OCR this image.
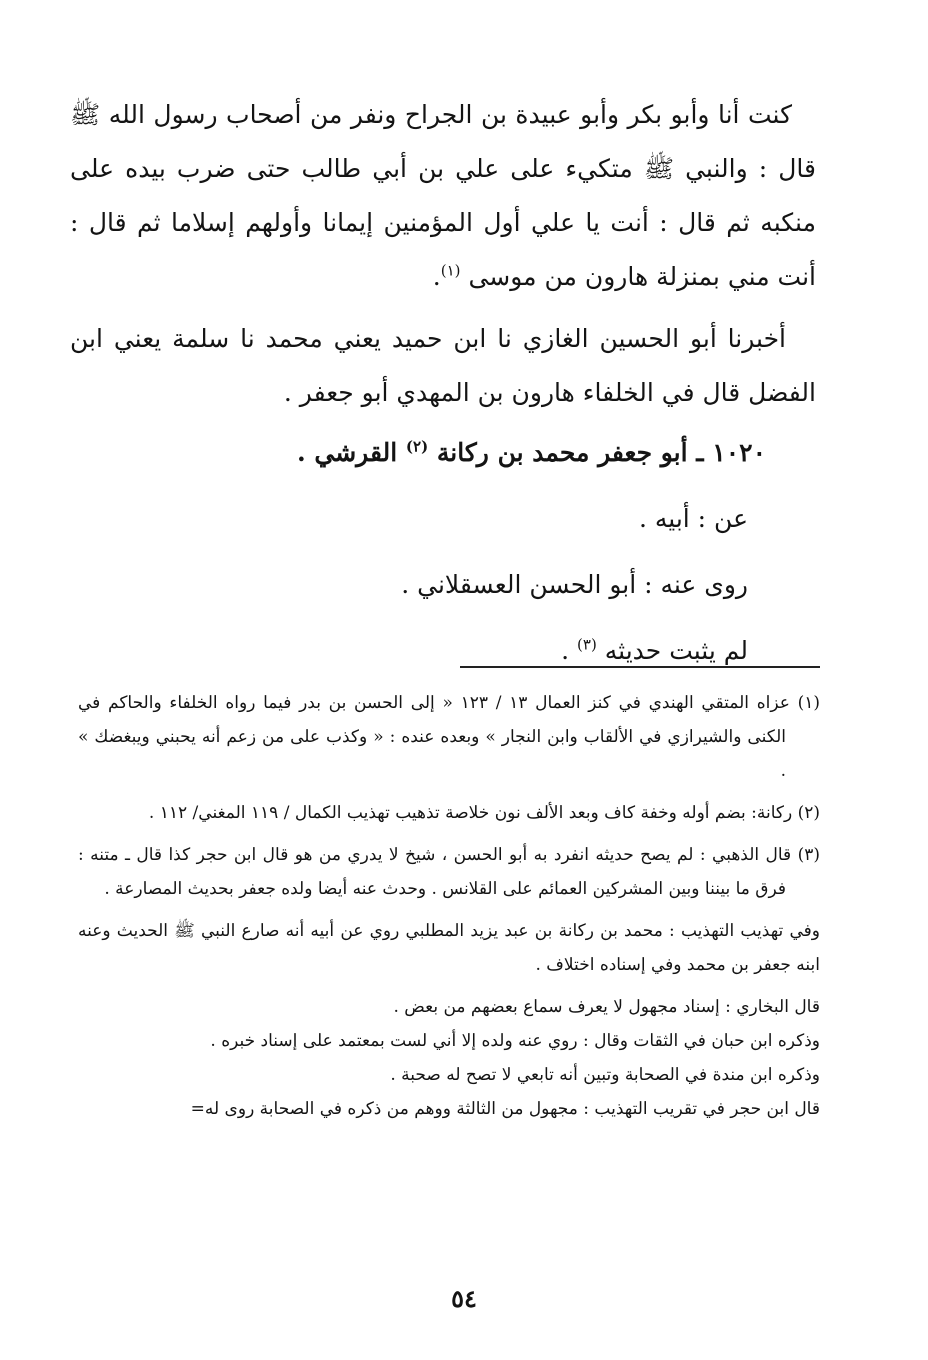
كنت أنا وأبو بكر وأبو عبيدة بن الجراح ونفر من أصحاب رسول الله ﷺ قال : والنبي ﷺ متكيء على علي بن أبي طالب حتى ضرب بيده على منكبه ثم قال : أنت يا علي أول المؤمنين إيمانا وأولهم إسلاما ثم قال : أنت مني بمنزلة هارون من موسى $^{(١)}$.

أخبرنا أبو الحسين الغازي نا ابن حميد يعني محمد نا سلمة يعني ابن الفضل قال في الخلفاء هارون بن المهدي أبو جعفر .

١٠٢٠ ـ أبو جعفر محمد بن ركانة $^{(٢)}$ القرشي .

عن : أبيه .

روى عنه : أبو الحسن العسقلاني .

لم يثبت حديثه $^{(٣)}$ .

(١) عزاه المتقي الهندي في كنز العمال ١٣ / ١٢٣ « إلى الحسن بن بدر فيما رواه الخلفاء والحاكم في الكنى والشيرازي في الألقاب وابن النجار » وبعده عنده : « وكذب على من زعم أنه يحبني ويبغضك » .

(٢) ركانة: بضم أوله وخفة كاف وبعد الألف نون خلاصة تذهيب تهذيب الكمال / ١١٩ المغني/ ١١٢ .

(٣) قال الذهبي : لم يصح حديثه انفرد به أبو الحسن ، شيخ لا يدري من هو قال ابن حجر كذا قال ـ متنه : فرق ما بيننا وبين المشركين العمائم على القلانس . وحدث عنه أيضا ولده جعفر بحديث المصارعة .

وفي تهذيب التهذيب : محمد بن ركانة بن عبد يزيد المطلبي روي عن أبيه أنه صارع النبي ﷺ الحديث وعنه ابنه جعفر بن محمد وفي إسناده اختلاف .

قال البخاري : إسناد مجهول لا يعرف سماع بعضهم من بعض .

وذكره ابن حبان في الثقات وقال : روي عنه ولده إلا أني لست بمعتمد على إسناد خبره .

وذكره ابن مندة في الصحابة وتبين أنه تابعي لا تصح له صحبة .

قال ابن حجر في تقريب التهذيب : مجهول من الثالثة ووهم من ذكره في الصحابة روى له=

٥٤
